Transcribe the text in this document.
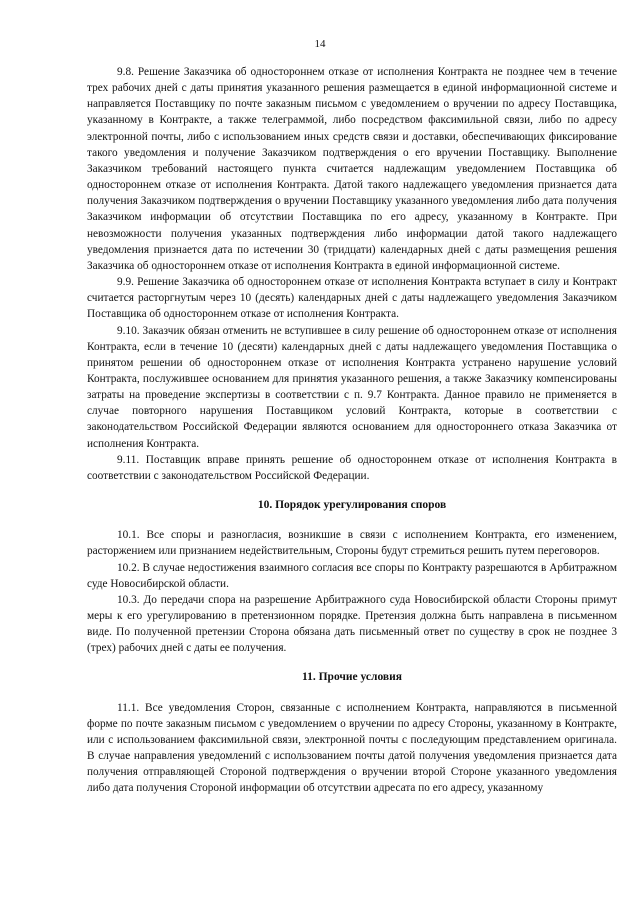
14

9.8. Решение Заказчика об одностороннем отказе от исполнения Контракта не позднее чем в течение трех рабочих дней с даты принятия указанного решения размещается в единой информационной системе и направляется Поставщику по почте заказным письмом с уведомлением о вручении по адресу Поставщика, указанному в Контракте, а также телеграммой, либо посредством факсимильной связи, либо по адресу электронной почты, либо с использованием иных средств связи и доставки, обеспечивающих фиксирование такого уведомления и получение Заказчиком подтверждения о его вручении Поставщику. Выполнение Заказчиком требований настоящего пункта считается надлежащим уведомлением Поставщика об одностороннем отказе от исполнения Контракта. Датой такого надлежащего уведомления признается дата получения Заказчиком подтверждения о вручении Поставщику указанного уведомления либо дата получения Заказчиком информации об отсутствии Поставщика по его адресу, указанному в Контракте. При невозможности получения указанных подтверждения либо информации датой такого надлежащего уведомления признается дата по истечении 30 (тридцати) календарных дней с даты размещения решения Заказчика об одностороннем отказе от исполнения Контракта в единой информационной системе.

9.9. Решение Заказчика об одностороннем отказе от исполнения Контракта вступает в силу и Контракт считается расторгнутым через 10 (десять) календарных дней с даты надлежащего уведомления Заказчиком Поставщика об одностороннем отказе от исполнения Контракта.

9.10. Заказчик обязан отменить не вступившее в силу решение об одностороннем отказе от исполнения Контракта, если в течение 10 (десяти) календарных дней с даты надлежащего уведомления Поставщика о принятом решении об одностороннем отказе от исполнения Контракта устранено нарушение условий Контракта, послужившее основанием для принятия указанного решения, а также Заказчику компенсированы затраты на проведение экспертизы в соответствии с п. 9.7 Контракта. Данное правило не применяется в случае повторного нарушения Поставщиком условий Контракта, которые в соответствии с законодательством Российской Федерации являются основанием для одностороннего отказа Заказчика от исполнения Контракта.

9.11. Поставщик вправе принять решение об одностороннем отказе от исполнения Контракта в соответствии с законодательством Российской Федерации.

10. Порядок урегулирования споров

10.1. Все споры и разногласия, возникшие в связи с исполнением Контракта, его изменением, расторжением или признанием недействительным, Стороны будут стремиться решить путем переговоров.

10.2. В случае недостижения взаимного согласия все споры по Контракту разрешаются в Арбитражном суде Новосибирской области.

10.3. До передачи спора на разрешение Арбитражного суда Новосибирской области Стороны примут меры к его урегулированию в претензионном порядке. Претензия должна быть направлена в письменном виде. По полученной претензии Сторона обязана дать письменный ответ по существу в срок не позднее 3 (трех) рабочих дней с даты ее получения.

11. Прочие условия

11.1. Все уведомления Сторон, связанные с исполнением Контракта, направляются в письменной форме по почте заказным письмом с уведомлением о вручении по адресу Стороны, указанному в Контракте, или с использованием факсимильной связи, электронной почты с последующим представлением оригинала. В случае направления уведомлений с использованием почты датой получения уведомления признается дата получения отправляющей Стороной подтверждения о вручении второй Стороне указанного уведомления либо дата получения Стороной информации об отсутствии адресата по его адресу, указанному
